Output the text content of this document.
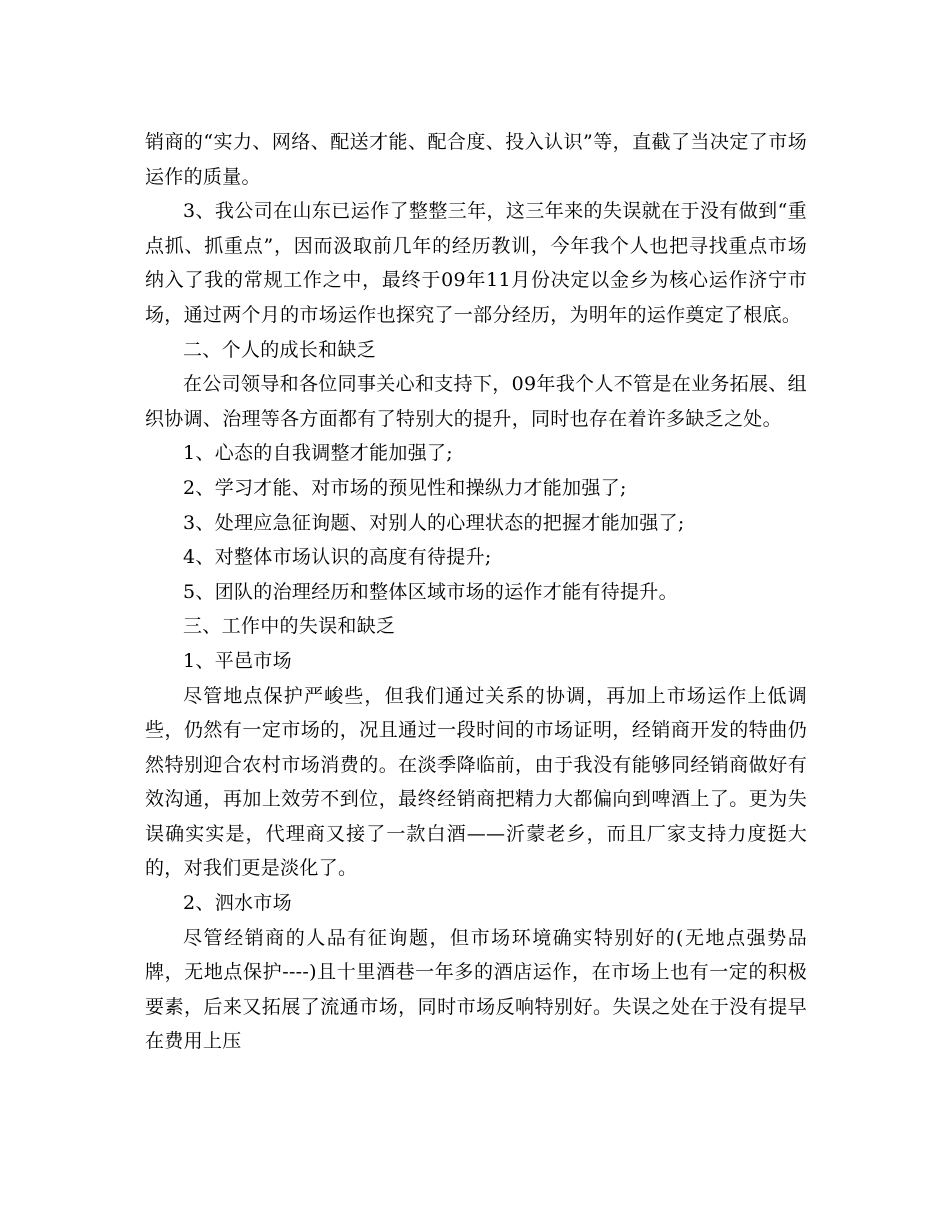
销商的“实力、网络、配送才能、配合度、投入认识”等，直截了当决定了市场运作的质量。

3、我公司在山东已运作了整整三年，这三年来的失误就在于没有做到“重点抓、抓重点”，因而汲取前几年的经历教训，今年我个人也把寻找重点市场纳入了我的常规工作之中，最终于09年11月份决定以金乡为核心运作济宁市场，通过两个月的市场运作也探究了一部分经历，为明年的运作奠定了根底。

二、个人的成长和缺乏

在公司领导和各位同事关心和支持下，09年我个人不管是在业务拓展、组织协调、治理等各方面都有了特别大的提升，同时也存在着许多缺乏之处。

1、心态的自我调整才能加强了;

2、学习才能、对市场的预见性和操纵力才能加强了;

3、处理应急征询题、对别人的心理状态的把握才能加强了;

4、对整体市场认识的高度有待提升;

5、团队的治理经历和整体区域市场的运作才能有待提升。

三、工作中的失误和缺乏

1、平邑市场

尽管地点保护严峻些，但我们通过关系的协调，再加上市场运作上低调些，仍然有一定市场的，况且通过一段时间的市场证明，经销商开发的特曲仍然特别迎合农村市场消费的。在淡季降临前，由于我没有能够同经销商做好有效沟通，再加上效劳不到位，最终经销商把精力大都偏向到啤酒上了。更为失误确实实是，代理商又接了一款白酒——沂蒙老乡，而且厂家支持力度挺大的，对我们更是淡化了。

2、泗水市场

尽管经销商的人品有征询题，但市场环境确实特别好的(无地点强势品牌，无地点保护----)且十里酒巷一年多的酒店运作，在市场上也有一定的积极要素，后来又拓展了流通市场，同时市场反响特别好。失误之处在于没有提早在费用上压
